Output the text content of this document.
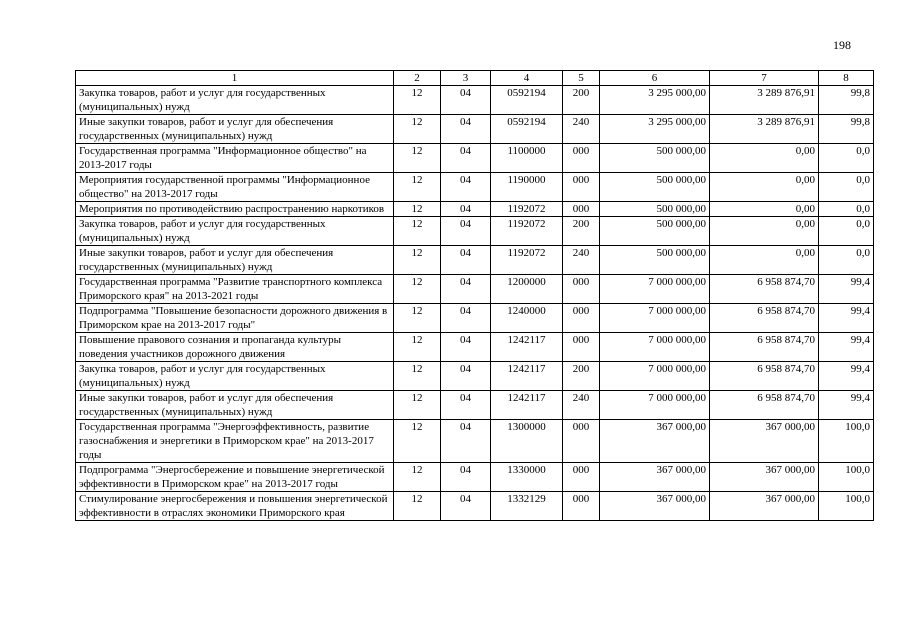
198
1	2	3	4	5	6	7	8
Закупка товаров, работ и услуг для государственных (муниципальных) нужд	12	04	0592194	200	3 295 000,00	3 289 876,91	99,8
Иные закупки товаров, работ и услуг для обеспечения государственных (муниципальных) нужд	12	04	0592194	240	3 295 000,00	3 289 876,91	99,8
Государственная программа "Информационное общество" на 2013-2017 годы	12	04	1100000	000	500 000,00	0,00	0,0
Мероприятия государственной программы "Информационное общество" на 2013-2017 годы	12	04	1190000	000	500 000,00	0,00	0,0
Мероприятия по противодействию распространению наркотиков	12	04	1192072	000	500 000,00	0,00	0,0
Закупка товаров, работ и услуг для государственных (муниципальных) нужд	12	04	1192072	200	500 000,00	0,00	0,0
Иные закупки товаров, работ и услуг для обеспечения государственных (муниципальных) нужд	12	04	1192072	240	500 000,00	0,00	0,0
Государственная программа "Развитие транспортного комплекса Приморского края" на 2013-2021 годы	12	04	1200000	000	7 000 000,00	6 958 874,70	99,4
Подпрограмма "Повышение безопасности дорожного движения в Приморском крае на 2013-2017 годы"	12	04	1240000	000	7 000 000,00	6 958 874,70	99,4
Повышение правового сознания и пропаганда культуры поведения участников дорожного движения	12	04	1242117	000	7 000 000,00	6 958 874,70	99,4
Закупка товаров, работ и услуг для государственных (муниципальных) нужд	12	04	1242117	200	7 000 000,00	6 958 874,70	99,4
Иные закупки товаров, работ и услуг для обеспечения государственных (муниципальных) нужд	12	04	1242117	240	7 000 000,00	6 958 874,70	99,4
Государственная программа "Энергоэффективность, развитие газоснабжения и энергетики в Приморском крае" на 2013-2017 годы	12	04	1300000	000	367 000,00	367 000,00	100,0
Подпрограмма "Энергосбережение и повышение энергетической эффективности в Приморском крае" на 2013-2017 годы	12	04	1330000	000	367 000,00	367 000,00	100,0
Стимулирование энергосбережения и повышения энергетической эффективности в отраслях экономики Приморского края	12	04	1332129	000	367 000,00	367 000,00	100,0
